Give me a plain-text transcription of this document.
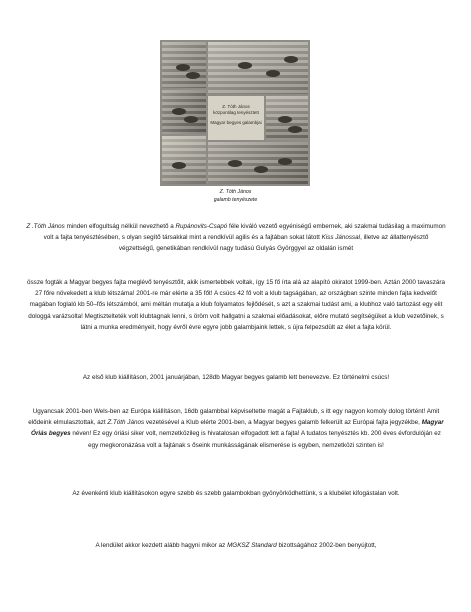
Z. Tóth János
központilag tenyésztett
Magyar begyes galambjai
Z. Tóth János
galamb tenyészete

Z .Tóth János minden elfogultság nélkül nevezhető a Rupánovits-Csapó féle kiváló vezető egyéniségű embernek, aki szakmai tudásilag a maximumon volt a fajta tenyésztésében, s olyan segítő társakkal mint a rendkívül agilis és a fajtában sokat látott Kiss Jánossal, illetve az állattenyésztő végzettségű, genetikában rendkívül nagy tudású Gulyás Györggyel az oldalán ismét

össze fogták a Magyar begyes fajta meglévő tenyésztőit, akik ismertebbek voltak, így 15 fő írta alá az alapító okiratot 1999-ben. Aztán 2000 tavaszára 27 főre növekedett a klub létszáma! 2001-re már elérte a 35 főt! A csúcs 42 fő volt a klub tagságában, az országban szinte minden fajta kedvelőt magában foglaló kb 50–fős létszámból, ami méltán mutatja a klub folyamatos fejlődését, s azt a szakmai tudást ami, a klubhoz való tartozást egy elit dologgá varázsolta! Megtisztelteték volt klubtagnak lenni, s öröm volt hallgatni a szakmai előadásokat, előre mutató segítségüket a klub vezetőinek, s látni a munka eredményeit, hogy évről évre egyre jobb galambjaink lettek, s újra felpezsdült az élet a fajta körül.

Az első klub kiállításon, 2001 januárjában, 128db Magyar begyes galamb lett benevezve. Ez történelmi csúcs!

Ugyancsak 2001-ben Wels-ben az Európa kiállításon, 16db galambbal képviseltette magát a Fajtaklub, s itt egy nagyon komoly dolog történt! Amit elődeink elmulasztottak, azt Z.Tóth János vezetésével a Klub elérte 2001-ben, a Magyar begyes galamb felkerült az Európai fajta jegyzékbe, Magyar Óriás begyes néven! Ez egy óriási siker volt, nemzetközileg is hivatalosan elfogadott lett a fajta! A tudatos tenyésztés kb. 200 éves évfordulóján ez egy megkoronázása volt a fajtának s őseink munkásságának elismerése is egyben, nemzetközi szinten is!

Az évenkénti klub kiállításokon egyre szebb és szebb galambokban gyönyörködhettünk, s a klubélet kifogástalan volt.

A lendület akkor kezdett alább hagyni mikor az MGKSZ Standard bizottságához 2002-ben benyújtott,
